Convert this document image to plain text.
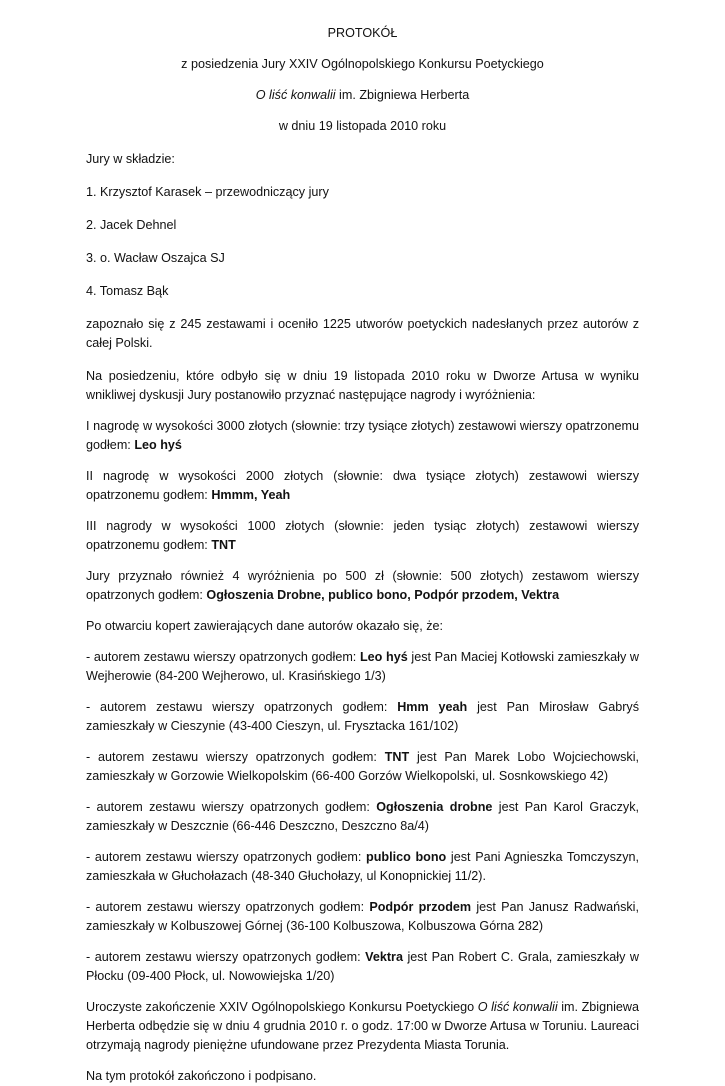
PROTOKÓŁ

z posiedzenia Jury XXIV Ogólnopolskiego Konkursu Poetyckiego

O liść konwalii im. Zbigniewa Herberta

w dniu 19 listopada 2010 roku

Jury w składzie:

1. Krzysztof Karasek – przewodniczący jury

2. Jacek Dehnel

3. o. Wacław Oszajca SJ

4. Tomasz Bąk

zapoznało się z 245 zestawami i oceniło 1225 utworów poetyckich nadesłanych przez autorów z całej Polski.

Na posiedzeniu, które odbyło się w dniu 19 listopada 2010 roku w Dworze Artusa w wyniku wnikliwej dyskusji Jury postanowiło przyznać następujące nagrody i wyróżnienia:

I nagrodę w wysokości 3000 złotych (słownie: trzy tysiące złotych) zestawowi wierszy opatrzonemu godłem: Leo hyś

II nagrodę w wysokości 2000 złotych (słownie: dwa tysiące złotych) zestawowi wierszy opatrzonemu godłem: Hmmm, Yeah

III nagrody w wysokości 1000 złotych (słownie: jeden tysiąc złotych) zestawowi wierszy opatrzonemu godłem: TNT

Jury przyznało również 4 wyróżnienia po 500 zł (słownie: 500 złotych) zestawom wierszy opatrzonych godłem: Ogłoszenia Drobne, publico bono, Podpór przodem, Vektra

Po otwarciu kopert zawierających dane autorów okazało się, że:

- autorem zestawu wierszy opatrzonych godłem: Leo hyś jest Pan Maciej Kotłowski zamieszkały w Wejherowie (84-200 Wejherowo, ul. Krasińskiego 1/3)

- autorem zestawu wierszy opatrzonych godłem: Hmm yeah jest Pan Mirosław Gabryś zamieszkały w Cieszynie (43-400 Cieszyn, ul. Frysztacka 161/102)

- autorem zestawu wierszy opatrzonych godłem: TNT jest Pan Marek Lobo Wojciechowski, zamieszkały w Gorzowie Wielkopolskim (66-400 Gorzów Wielkopolski, ul. Sosnkowskiego 42)

- autorem zestawu wierszy opatrzonych godłem: Ogłoszenia drobne jest Pan Karol Graczyk, zamieszkały w Deszcznie (66-446 Deszczno, Deszczno 8a/4)

- autorem zestawu wierszy opatrzonych godłem: publico bono jest Pani Agnieszka Tomczyszyn, zamieszkała w Głuchołazach (48-340 Głuchołazy, ul Konopnickiej 11/2).

- autorem zestawu wierszy opatrzonych godłem: Podpór przodem jest Pan Janusz Radwański, zamieszkały w Kolbuszowej Górnej (36-100 Kolbuszowa, Kolbuszowa Górna 282)

- autorem zestawu wierszy opatrzonych godłem: Vektra jest Pan Robert C. Grala, zamieszkały w Płocku (09-400 Płock, ul. Nowowiejska 1/20)

Uroczyste zakończenie XXIV Ogólnopolskiego Konkursu Poetyckiego O liść konwalii im. Zbigniewa Herberta odbędzie się w dniu 4 grudnia 2010 r. o godz. 17:00 w Dworze Artusa w Toruniu. Laureaci otrzymają nagrody pieniężne ufundowane przez Prezydenta Miasta Torunia.

Na tym protokół zakończono i podpisano.
